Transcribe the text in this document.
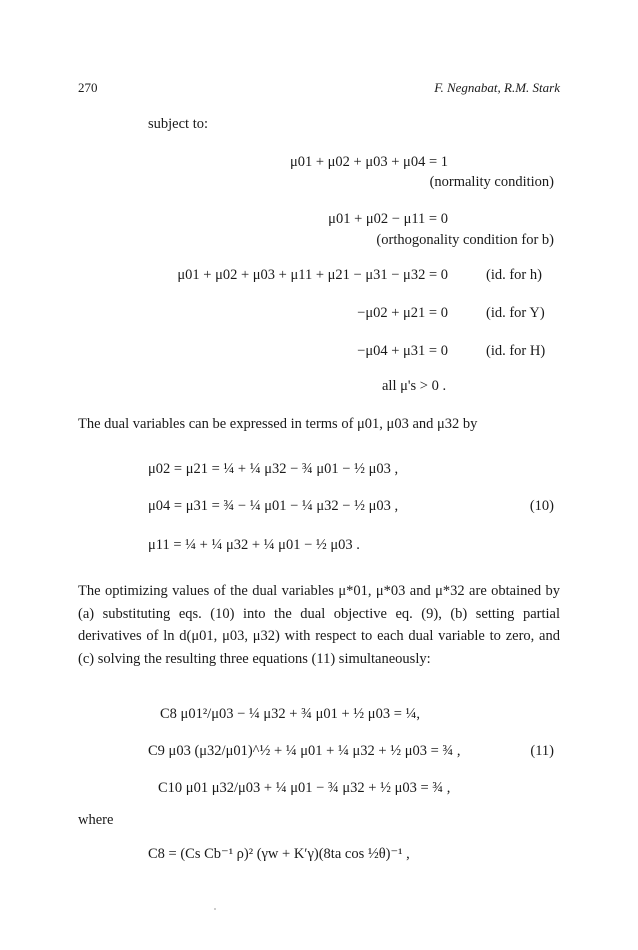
270	F. Negnabat, R.M. Stark
subject to:
μ01 + μ02 + μ03 + μ04 = 1
(normality condition)
μ01 + μ02 − μ11 = 0
(orthogonality condition for b)
μ01 + μ02 + μ03 + μ11 + μ21 − μ31 − μ32 = 0	(id. for h)
−μ02 + μ21 = 0	(id. for Y)
−μ04 + μ31 = 0	(id. for H)
all μ's > 0 .
The dual variables can be expressed in terms of μ01, μ03 and μ32 by
μ02 = μ21 = ¼ + ¼ μ32 − ¾ μ01 − ½ μ03 ,
μ04 = μ31 = ¾ − ¼ μ01 − ¼ μ32 − ½ μ03 ,
μ11 = ¼ + ¼ μ32 + ¼ μ01 − ½ μ03 .
(10)
The optimizing values of the dual variables μ*01, μ*03 and μ*32 are obtained by (a) substituting eqs. (10) into the dual objective eq. (9), (b) setting partial derivatives of ln d(μ01, μ03, μ32) with respect to each dual variable to zero, and (c) solving the resulting three equations (11) simultaneously:
C8 μ01²/μ03 − ¼ μ32 + ¾ μ01 + ½ μ03 = ¼,
C9 μ03 (μ32/μ01)^½ + ¼ μ01 + ¼ μ32 + ½ μ03 = ¾ ,
C10 μ01 μ32/μ03 + ¼ μ01 − ¾ μ32 + ½ μ03 = ¾ ,
(11)
where
C8 = (Cs Cb⁻¹ ρ)² (γw + K′γ)(8ta cos ½θ)⁻¹ ,
